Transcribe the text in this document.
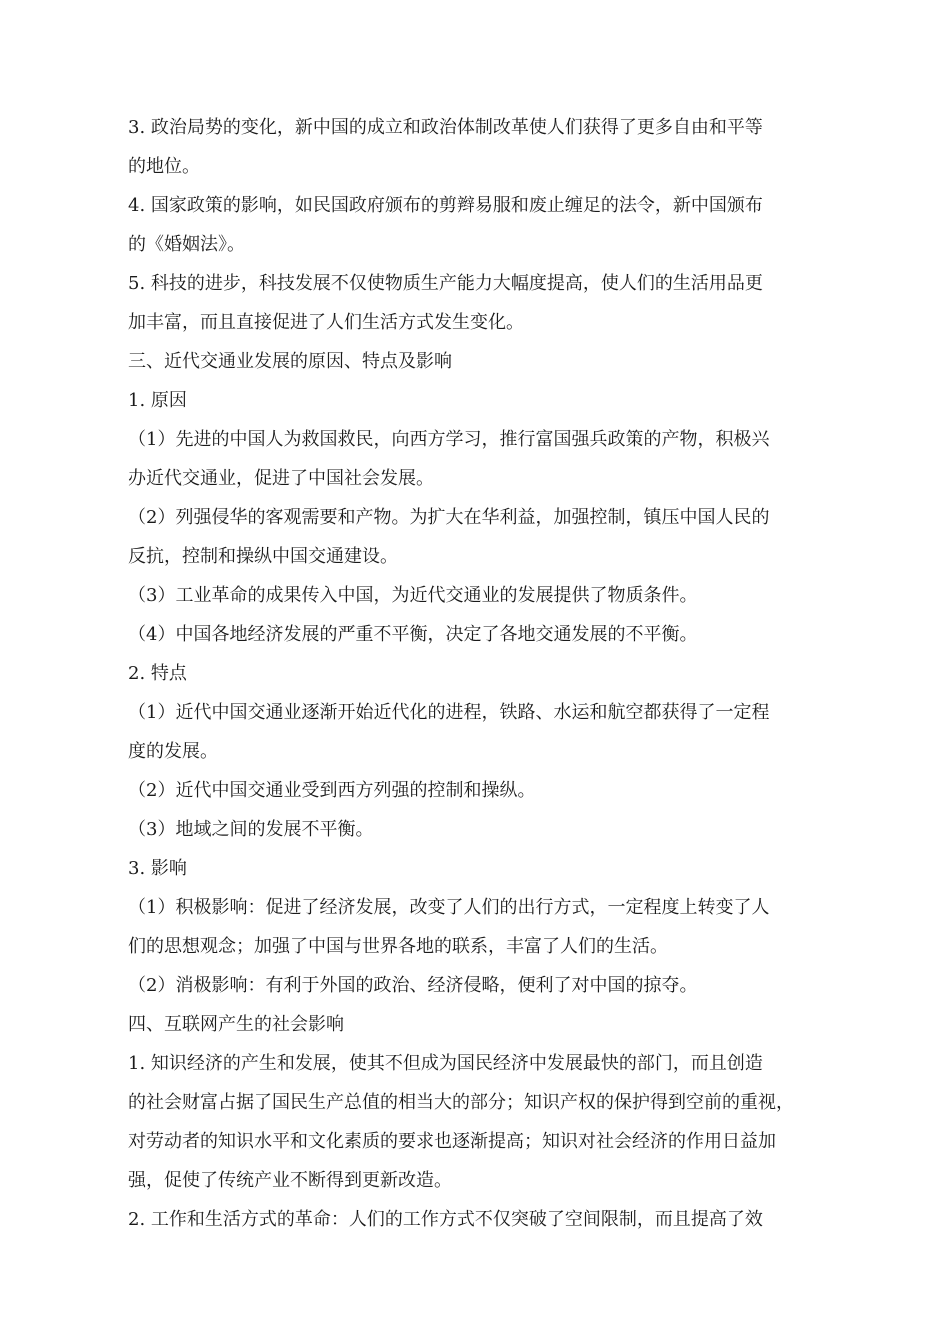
3. 政治局势的变化，新中国的成立和政治体制改革使人们获得了更多自由和平等
的地位。
4. 国家政策的影响，如民国政府颁布的剪辫易服和废止缠足的法令，新中国颁布
的《婚姻法》。
5. 科技的进步，科技发展不仅使物质生产能力大幅度提高，使人们的生活用品更
加丰富，而且直接促进了人们生活方式发生变化。
三、近代交通业发展的原因、特点及影响
1. 原因
（1）先进的中国人为救国救民，向西方学习，推行富国强兵政策的产物，积极兴
办近代交通业，促进了中国社会发展。
（2）列强侵华的客观需要和产物。为扩大在华利益，加强控制，镇压中国人民的
反抗，控制和操纵中国交通建设。
（3）工业革命的成果传入中国，为近代交通业的发展提供了物质条件。
（4）中国各地经济发展的严重不平衡，决定了各地交通发展的不平衡。
2. 特点
（1）近代中国交通业逐渐开始近代化的进程，铁路、水运和航空都获得了一定程
度的发展。
（2）近代中国交通业受到西方列强的控制和操纵。
（3）地域之间的发展不平衡。
3. 影响
（1）积极影响：促进了经济发展，改变了人们的出行方式，一定程度上转变了人
们的思想观念；加强了中国与世界各地的联系，丰富了人们的生活。
（2）消极影响：有利于外国的政治、经济侵略，便利了对中国的掠夺。
四、互联网产生的社会影响
1. 知识经济的产生和发展，使其不但成为国民经济中发展最快的部门，而且创造
的社会财富占据了国民生产总值的相当大的部分；知识产权的保护得到空前的重视，
对劳动者的知识水平和文化素质的要求也逐渐提高；知识对社会经济的作用日益加
强，促使了传统产业不断得到更新改造。
2. 工作和生活方式的革命：人们的工作方式不仅突破了空间限制，而且提高了效
